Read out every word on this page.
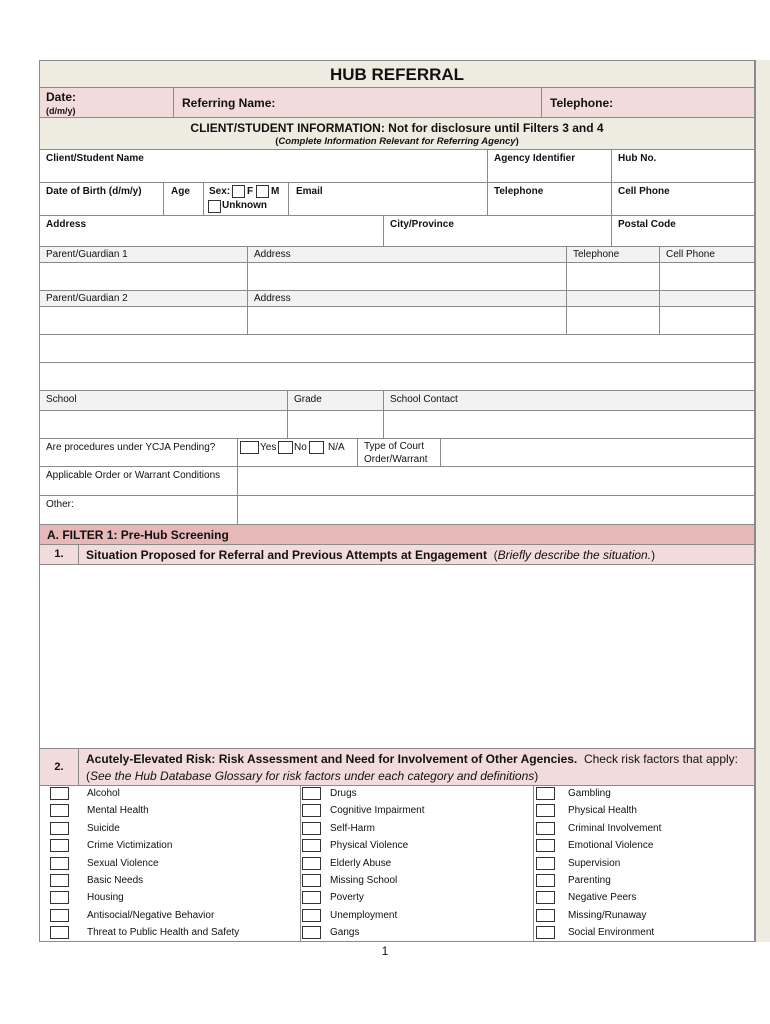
HUB REFERRAL
Date:
(d/m/y)
Referring Name:	Telephone:
CLIENT/STUDENT INFORMATION: Not for disclosure until Filters 3 and 4
(Complete Information Relevant for Referring Agency)
Client/Student Name	Agency Identifier	Hub No.
Date of Birth (d/m/y)	Age Sex: F M
Unknown
Email	Telephone	Cell Phone
Address	City/Province	Postal Code
Parent/Guardian 1	Address	Telephone	Cell Phone
Parent/Guardian 2	Address
School	Grade	School Contact
Are procedures under YCJA Pending?	Yes No N/A Type of Court
Order/Warrant
Applicable Order or Warrant Conditions
Other:
A. FILTER 1: Pre-Hub Screening
1.	Situation Proposed for Referral and Previous Attempts at Engagement (Briefly describe the situation.)
2.
Acutely-Elevated Risk: Risk Assessment and Need for Involvement of Other Agencies. Check risk factors that apply:
(See the Hub Database Glossary for risk factors under each category and definitions)
Alcohol
Mental Health
Suicide
Crime Victimization
Sexual Violence
Basic Needs
Housing
Antisocial/Negative Behavior
Threat to Public Health and Safety
Drugs
Cognitive Impairment
Self-Harm
Physical Violence
Elderly Abuse
Missing School
Poverty
Unemployment
Gangs
Gambling
Physical Health
Criminal Involvement
Emotional Violence
Supervision
Parenting
Negative Peers
Missing/Runaway
Social Environment
1
